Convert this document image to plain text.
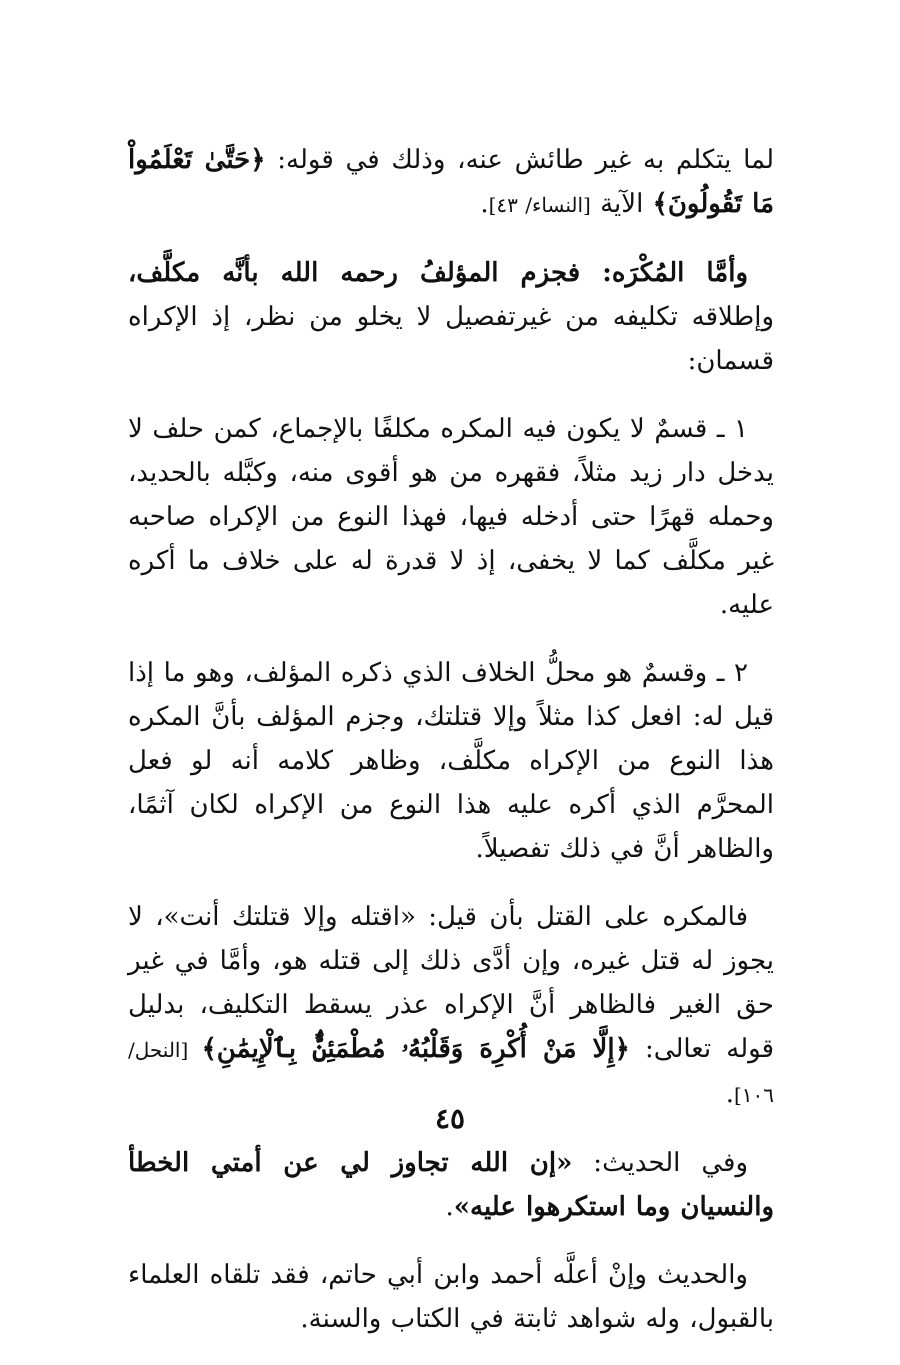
لما يتكلم به غير طائش عنه، وذلك في قوله: ﴿حَتَّىٰ تَعْلَمُواْ مَا تَقُولُونَ﴾ الآية [النساء/ ٤٣].

وأمَّا المُكْرَه: فجزم المؤلفُ رحمه الله بأنَّه مكلَّف، وإطلاقه تكليفه من غيرتفصيل لا يخلو من نظر، إذ الإكراه قسمان:

١ ـ قسمٌ لا يكون فيه المكره مكلفًا بالإجماع، كمن حلف لا يدخل دار زيد مثلاً، فقهره من هو أقوى منه، وكبَّله بالحديد، وحمله قهرًا حتى أدخله فيها، فهذا النوع من الإكراه صاحبه غير مكلَّف كما لا يخفى، إذ لا قدرة له على خلاف ما أكره عليه.

٢ ـ وقسمٌ هو محلُّ الخلاف الذي ذكره المؤلف، وهو ما إذا قيل له: افعل كذا مثلاً وإلا قتلتك، وجزم المؤلف بأنَّ المكره هذا النوع من الإكراه مكلَّف، وظاهر كلامه أنه لو فعل المحرَّم الذي أكره عليه هذا النوع من الإكراه لكان آثمًا، والظاهر أنَّ في ذلك تفصيلاً.

فالمكره على القتل بأن قيل: «اقتله وإلا قتلتك أنت»، لا يجوز له قتل غيره، وإن أدَّى ذلك إلى قتله هو، وأمَّا في غير حق الغير فالظاهر أنَّ الإكراه عذر يسقط التكليف، بدليل قوله تعالى: ﴿إِلَّا مَنْ أُكْرِهَ وَقَلْبُهُۥ مُطْمَئِنٌّۢ بِٱلْإِيمَٰنِ﴾ [النحل/ ١٠٦].

وفي الحديث: «إن الله تجاوز لي عن أمتي الخطأ والنسيان وما استكرهوا عليه».

والحديث وإنْ أعلَّه أحمد وابن أبي حاتم، فقد تلقاه العلماء بالقبول، وله شواهد ثابتة في الكتاب والسنة.

٤٥
